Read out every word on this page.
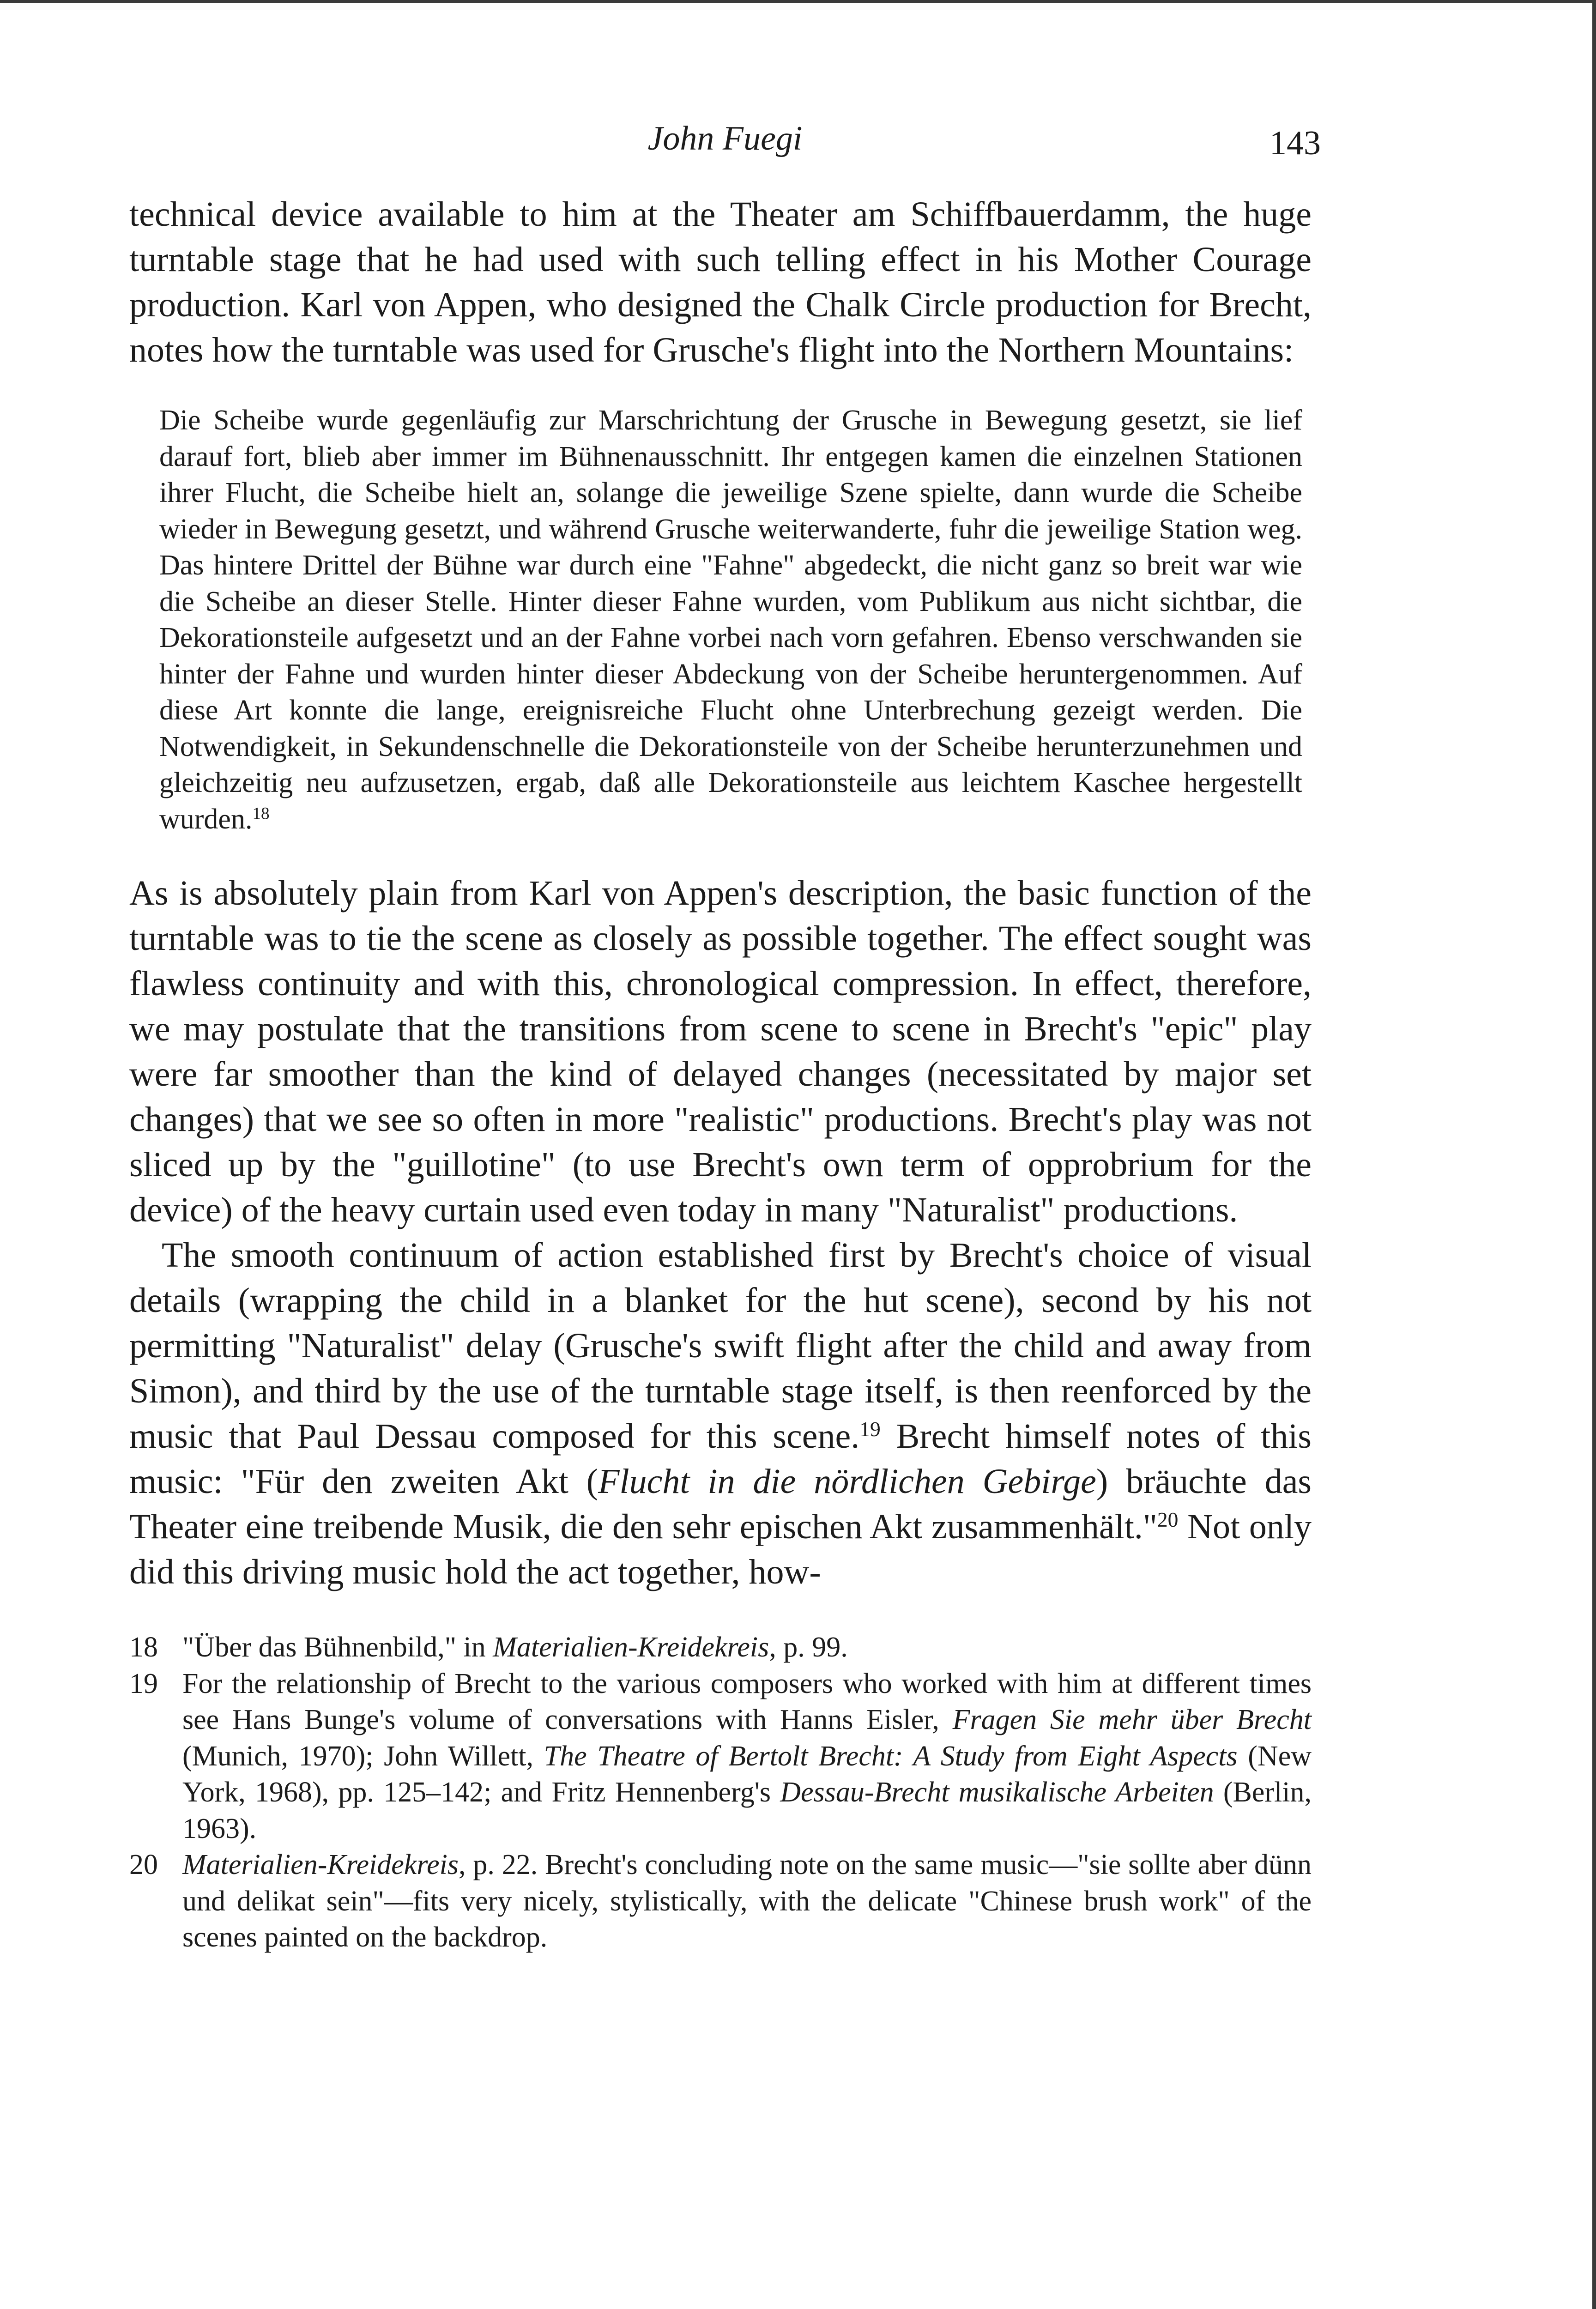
John Fuegi	143

technical device available to him at the Theater am Schiffbauerdamm, the huge turntable stage that he had used with such telling effect in his Mother Courage production. Karl von Appen, who designed the Chalk Circle production for Brecht, notes how the turntable was used for Grusche's flight into the Northern Mountains:

Die Scheibe wurde gegenläufig zur Marschrichtung der Grusche in Bewegung gesetzt, sie lief darauf fort, blieb aber immer im Bühnenausschnitt. Ihr entgegen kamen die einzelnen Stationen ihrer Flucht, die Scheibe hielt an, solange die jeweilige Szene spielte, dann wurde die Scheibe wieder in Bewegung gesetzt, und während Grusche weiterwanderte, fuhr die jeweilige Station weg. Das hintere Drittel der Bühne war durch eine "Fahne" abgedeckt, die nicht ganz so breit war wie die Scheibe an dieser Stelle. Hinter dieser Fahne wurden, vom Publikum aus nicht sichtbar, die Dekorationsteile aufgesetzt und an der Fahne vorbei nach vorn gefahren. Ebenso verschwanden sie hinter der Fahne und wurden hinter dieser Abdeckung von der Scheibe heruntergenommen. Auf diese Art konnte die lange, ereignisreiche Flucht ohne Unterbrechung gezeigt werden. Die Notwendigkeit, in Sekundenschnelle die Dekorationsteile von der Scheibe herunterzunehmen und gleichzeitig neu aufzusetzen, ergab, daß alle Dekorationsteile aus leichtem Kaschee hergestellt wurden.$^{18}$

As is absolutely plain from Karl von Appen's description, the basic function of the turntable was to tie the scene as closely as possible together. The effect sought was flawless continuity and with this, chronological compression. In effect, therefore, we may postulate that the transitions from scene to scene in Brecht's "epic" play were far smoother than the kind of delayed changes (necessitated by major set changes) that we see so often in more "realistic" productions. Brecht's play was not sliced up by the "guillotine" (to use Brecht's own term of opprobrium for the device) of the heavy curtain used even today in many "Naturalist" productions.

The smooth continuum of action established first by Brecht's choice of visual details (wrapping the child in a blanket for the hut scene), second by his not permitting "Naturalist" delay (Grusche's swift flight after the child and away from Simon), and third by the use of the turntable stage itself, is then reenforced by the music that Paul Dessau composed for this scene.$^{19}$ Brecht himself notes of this music: "Für den zweiten Akt (Flucht in die nördlichen Gebirge) bräuchte das Theater eine treibende Musik, die den sehr epischen Akt zusammenhält."$^{20}$ Not only did this driving music hold the act together, how-

18 "Über das Bühnenbild," in Materialien-Kreidekreis, p. 99.
19 For the relationship of Brecht to the various composers who worked with him at different times see Hans Bunge's volume of conversations with Hanns Eisler, Fragen Sie mehr über Brecht (Munich, 1970); John Willett, The Theatre of Bertolt Brecht: A Study from Eight Aspects (New York, 1968), pp. 125–142; and Fritz Hennenberg's Dessau-Brecht musikalische Arbeiten (Berlin, 1963).
20 Materialien-Kreidekreis, p. 22. Brecht's concluding note on the same music—"sie sollte aber dünn und delikat sein"—fits very nicely, stylistically, with the delicate "Chinese brush work" of the scenes painted on the backdrop.
